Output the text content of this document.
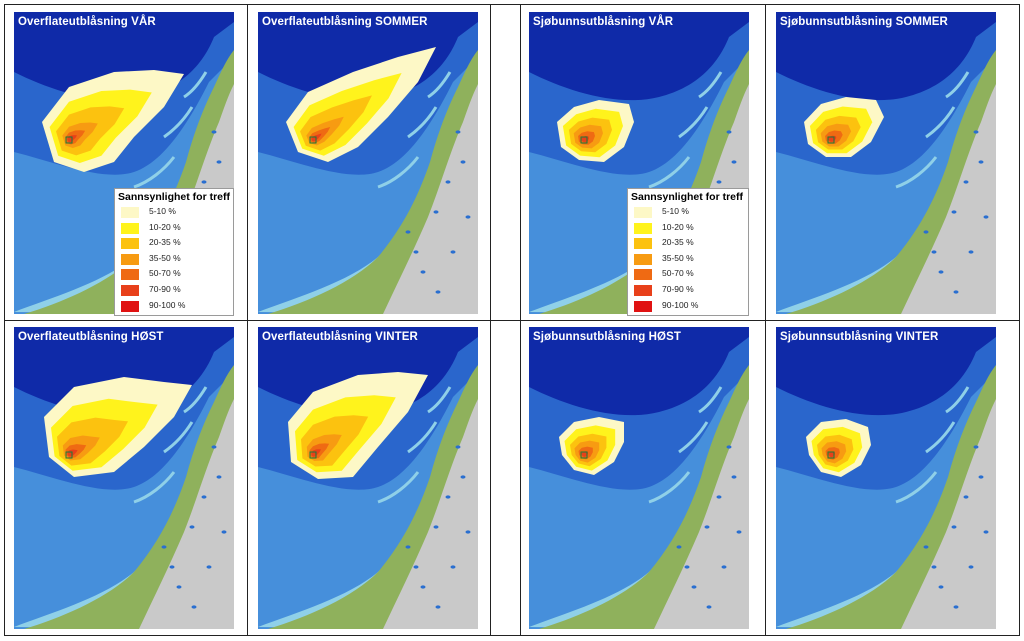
Overflateutblåsning VÅR	Overflateutblåsning SOMMER	Sjøbunnsutblåsning VÅR	Sjøbunnsutblåsning SOMMER
Overflateutblåsning HØST	Overflateutblåsning VINTER	Sjøbunnsutblåsning HØST	Sjøbunnsutblåsning VINTER
Sannsynlighet for treff
5-10 %
10-20 %
20-35 %
35-50 %
50-70 %
70-90 %
90-100 %
Sannsynlighet for treff
5-10 %
10-20 %
20-35 %
35-50 %
50-70 %
70-90 %
90-100 %
